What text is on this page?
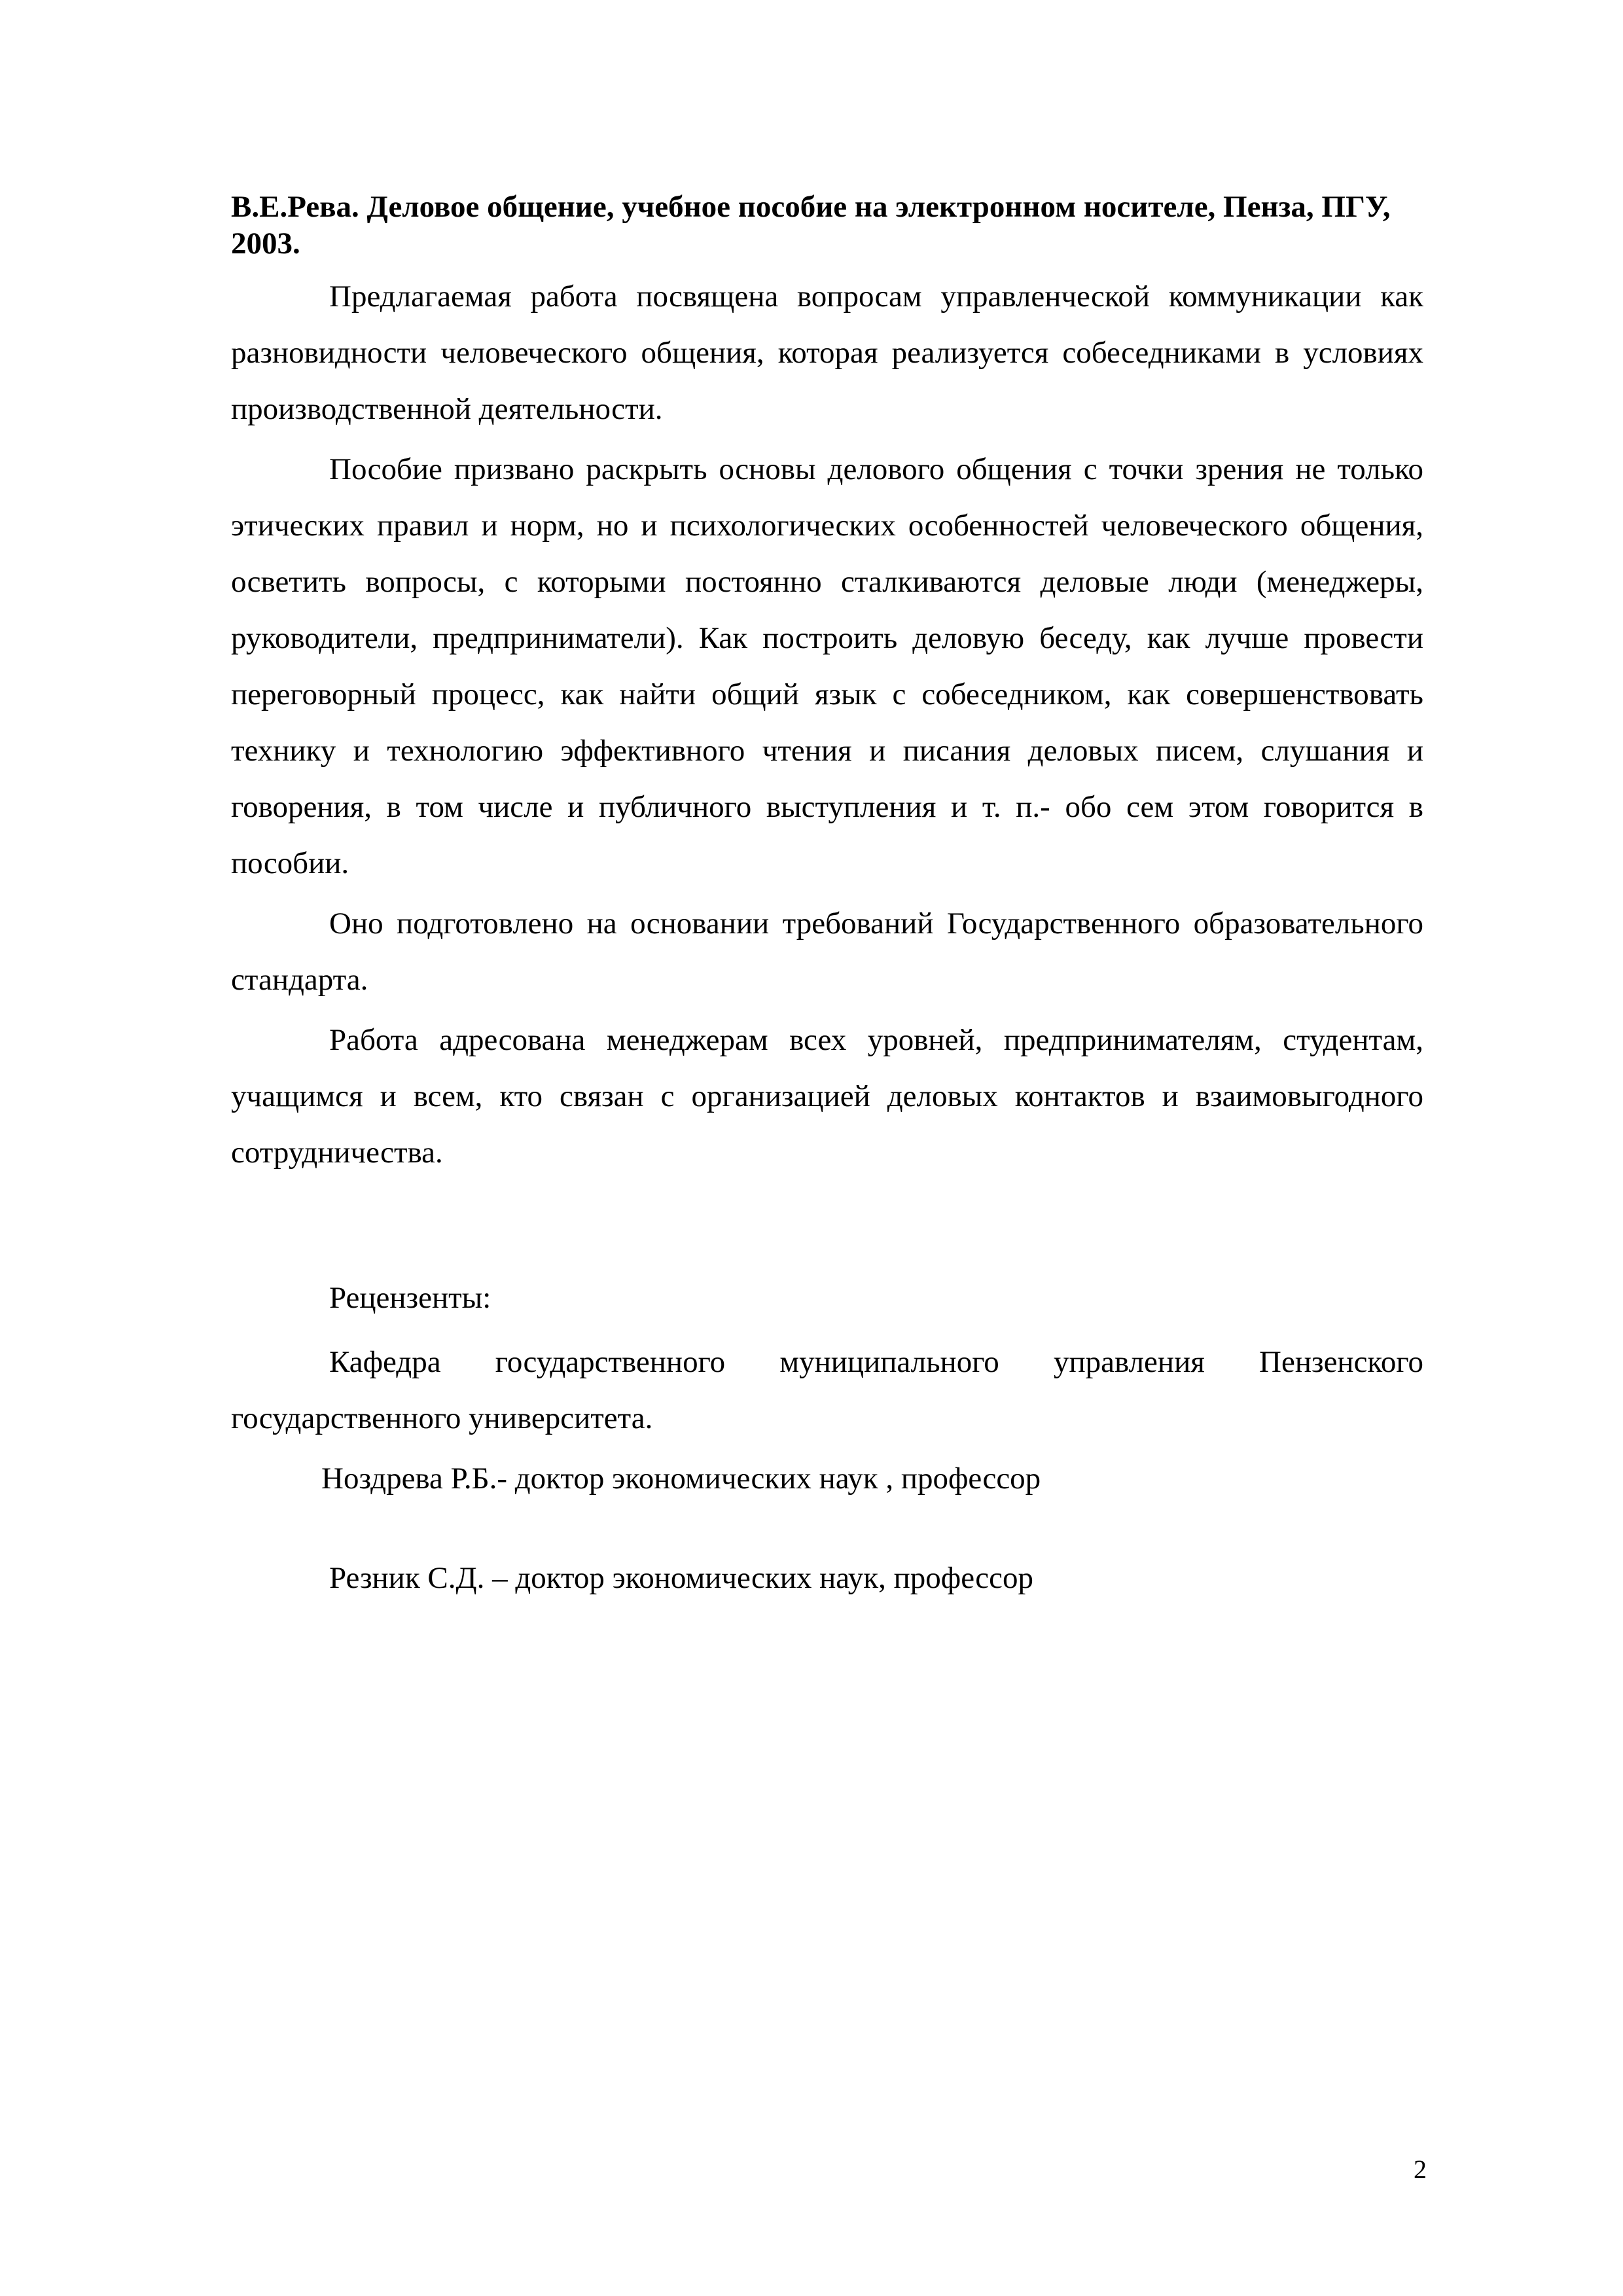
В.Е.Рева. Деловое общение, учебное пособие на электронном носителе, Пенза, ПГУ, 2003.

Предлагаемая работа посвящена вопросам управленческой коммуникации как разновидности человеческого общения, которая реализуется собеседниками в условиях производственной деятельности.

Пособие призвано раскрыть основы делового общения с точки зрения не только этических правил и норм, но и психологических особенностей человеческого общения, осветить вопросы, с которыми постоянно сталкиваются деловые люди (менеджеры, руководители, предприниматели). Как построить деловую беседу, как лучше провести переговорный процесс, как найти общий язык с собеседником, как совершенствовать технику и технологию эффективного чтения и писания деловых писем, слушания и говорения, в том числе и публичного выступления и т. п.- обо сем этом говорится в пособии.

Оно подготовлено на основании требований Государственного образовательного стандарта.

Работа адресована менеджерам всех уровней, предпринимателям, студентам, учащимся и всем, кто связан с организацией деловых контактов и взаимовыгодного сотрудничества.

Рецензенты:

Кафедра государственного муниципального управления Пензенского государственного университета.

Ноздрева Р.Б.- доктор экономических наук , профессор

Резник С.Д. – доктор экономических наук, профессор

2
